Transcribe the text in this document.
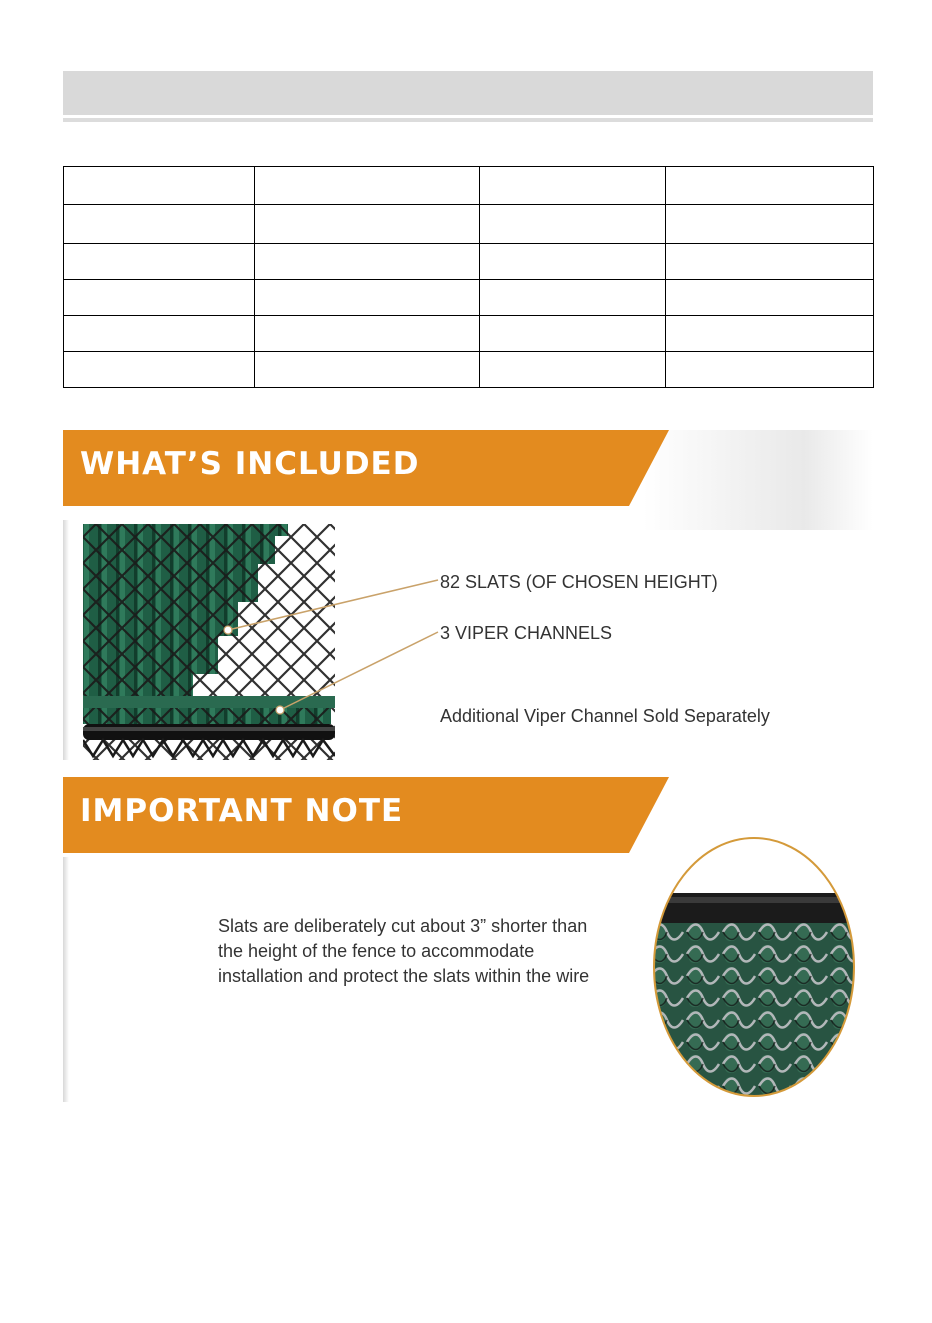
WHAT’S INCLUDED
82 SLATS (OF CHOSEN HEIGHT)
3 VIPER CHANNELS
Additional Viper Channel Sold Separately
IMPORTANT NOTE
Slats are deliberately cut about 3” shorter than
the height of the fence to accommodate
installation and protect the slats within the wire
